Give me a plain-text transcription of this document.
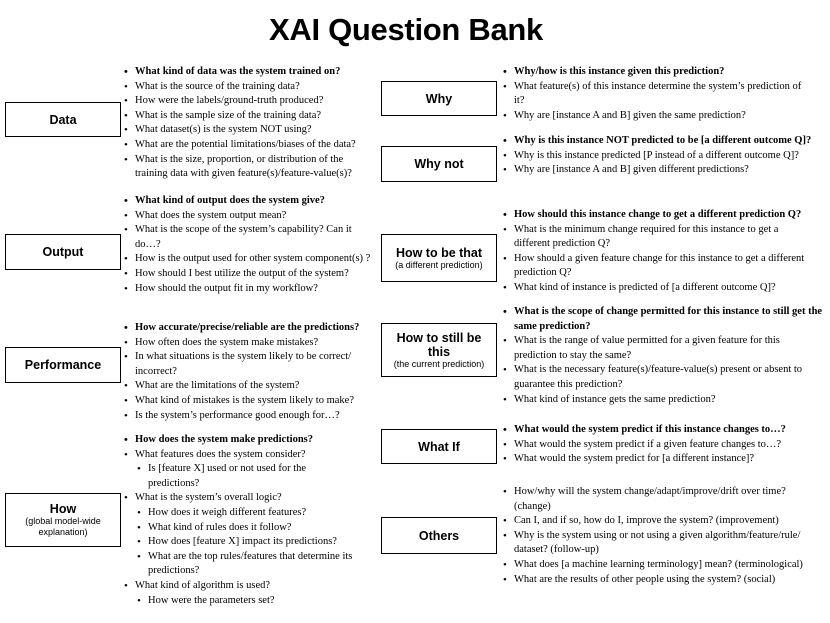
XAI Question Bank
Data
Output
Performance
How
(global model-wide explanation)
Why
Why not
How to be that
(a different prediction)
How to still be this
(the current prediction)
What If
Others
• What kind of data was the system trained on?
• What is the source of the training data?
• How were the labels/ground-truth produced?
• What is the sample size of the training data?
• What dataset(s) is the system NOT using?
• What are the potential limitations/biases of the data?
• What is the size, proportion, or distribution of the training data with given feature(s)/feature-value(s)?
• What kind of output does the system give?
• What does the system output mean?
• What is the scope of the system’s capability? Can it do…?
• How is the output used for other system component(s) ?
• How should I best utilize the output of the system?
• How should the output fit in my workflow?
• How accurate/precise/reliable are the predictions?
• How often does the system make mistakes?
• In what situations is the system likely to be correct/ incorrect?
• What are the limitations of the system?
• What kind of mistakes is the system likely to make?
• Is the system’s performance good enough for…?
• How does the system make predictions?
• What features does the system consider?
• Is [feature X] used or not used for the predictions?
• What is the system’s overall logic?
• How does it weigh different features?
• What kind of rules does it follow?
• How does [feature X] impact its predictions?
• What are the top rules/features that determine its predictions?
• What kind of algorithm is used?
• How were the parameters set?
• Why/how is this instance given this prediction?
• What feature(s) of this instance determine the system’s prediction of it?
• Why are [instance A and B] given the same prediction?
• Why is this instance NOT predicted to be [a different outcome Q]?
• Why is this instance predicted [P instead of a different outcome Q]?
• Why are [instance A and B] given different predictions?
• How should this instance change to get a different prediction Q?
• What is the minimum change required for this instance to get a different prediction Q?
• How should a given feature change for this instance to get a different prediction Q?
• What kind of instance is predicted of [a different outcome Q]?
• What is the scope of change permitted for this instance to still get the same prediction?
• What is the range of value permitted for a given feature for this prediction to stay the same?
• What is the necessary feature(s)/feature-value(s) present or absent to guarantee this prediction?
• What kind of instance gets the same prediction?
• What would the system predict if this instance changes to…?
• What would the system predict if a given feature changes to…?
• What would the system predict for [a different instance]?
• How/why will the system change/adapt/improve/drift over time? (change)
• Can I, and if so, how do I, improve the system? (improvement)
• Why is the system using or not using a given algorithm/feature/rule/ dataset? (follow-up)
• What does [a machine learning terminology] mean? (terminological)
• What are the results of other people using the system? (social)
